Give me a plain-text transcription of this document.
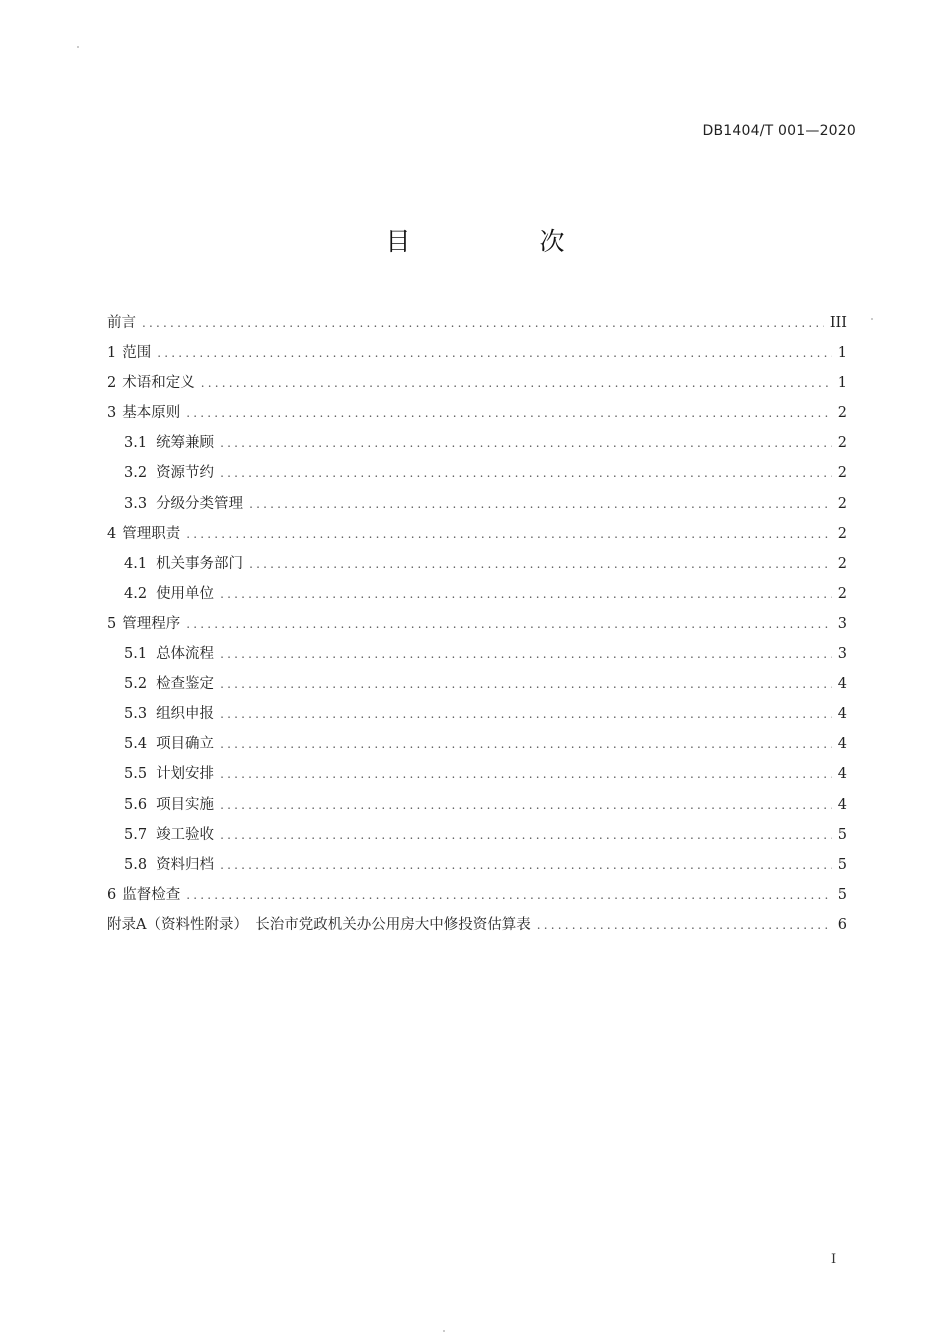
DB1404/T 001—2020
目　次
前言 .....	III
1 范围 .....	1
2 术语和定义 .....	1
3 基本原则 .....	2
3.1 统筹兼顾 .....	2
3.2 资源节约 .....	2
3.3 分级分类管理 .....	2
4 管理职责 .....	2
4.1 机关事务部门 .....	2
4.2 使用单位 .....	2
5 管理程序 .....	3
5.1 总体流程 .....	3
5.2 检查鉴定 .....	4
5.3 组织申报 .....	4
5.4 项目确立 .....	4
5.5 计划安排 .....	4
5.6 项目实施 .....	4
5.7 竣工验收 .....	5
5.8 资料归档 .....	5
6 监督检查 .....	5
附录A（资料性附录）　长治市党政机关办公用房大中修投资估算表 .....	6
I
